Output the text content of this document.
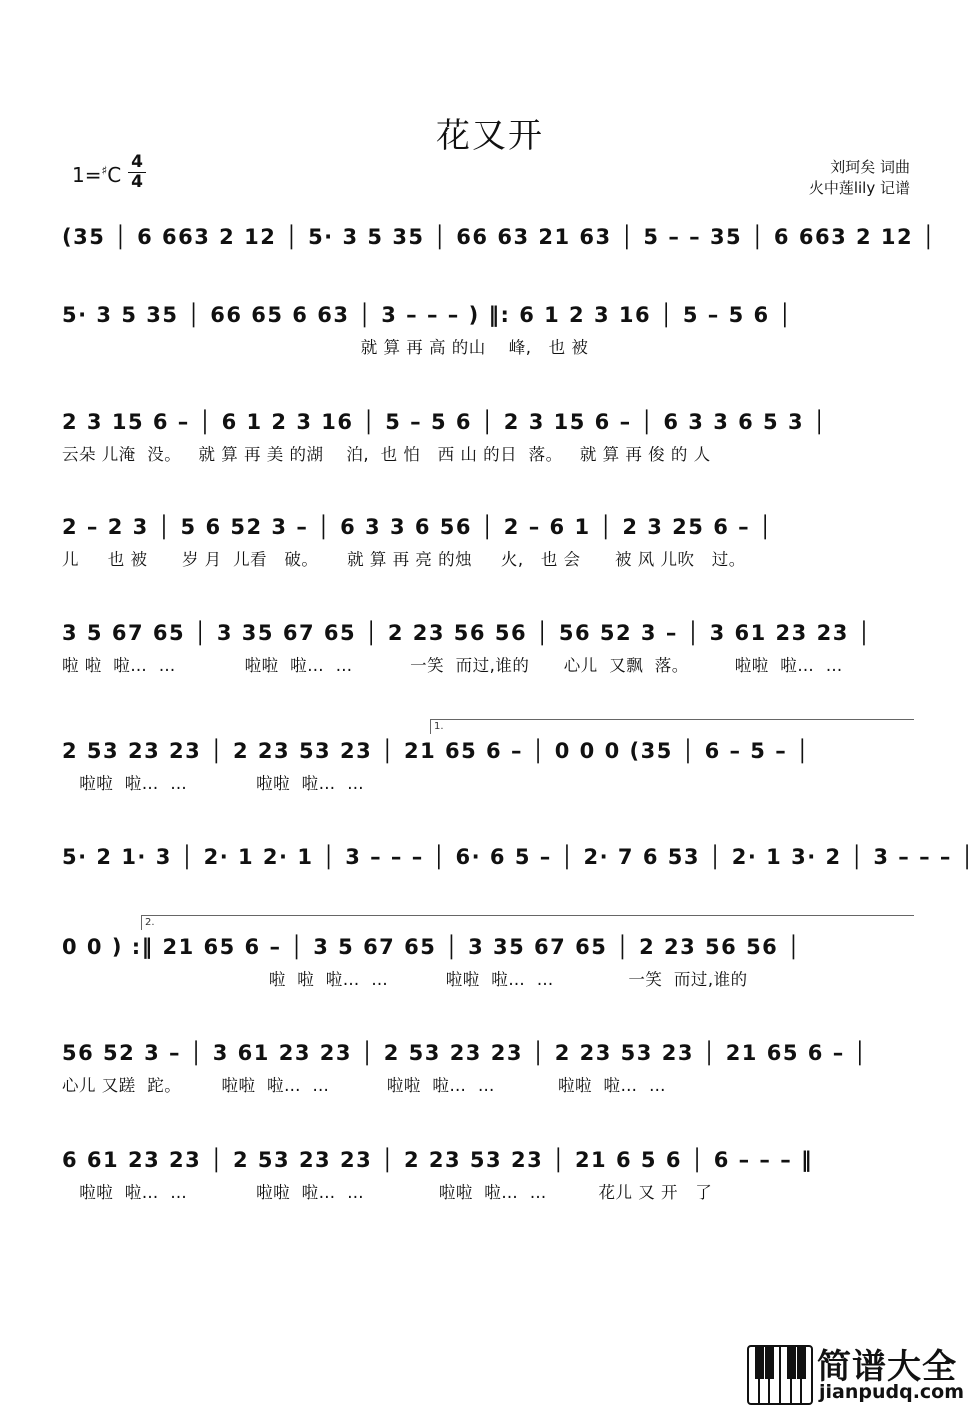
花又开
1=♯C
4
4
刘珂矣 词曲
火中莲lily 记谱
(35 │ 6 663 2 12 │ 5· 3 5 35 │ 66 63 21 63 │ 5 – – 35 │ 6 663 2 12 │
5· 3 5 35 │ 66 65 6 63 │ 3 – – – ) ‖: 6 1 2 3 16 │ 5 – 5 6 │
就 算 再 高 的山    峰,   也 被
2 3 15 6 – │ 6 1 2 3 16 │ 5 – 5 6 │ 2 3 15 6 – │ 6 3 3 6 5 3 │
云朵 儿淹  没。   就 算 再 美 的湖    泊,  也 怕   西 山 的日  落。   就 算 再 俊 的 人
2 – 2 3 │ 5 6 52 3 – │ 6 3 3 6 56 │ 2 – 6 1 │ 2 3 25 6 – │
儿     也 被      岁 月  儿看   破。     就 算 再 亮 的烛     火,   也 会      被 风 儿吹   过。
3 5 67 65 │ 3 35 67 65 │ 2 23 56 56 │ 56 52 3 – │ 3 61 23 23 │
啦 啦  啦…  …            啦啦  啦…  …          一笑  而过,谁的      心儿  又飘  落。        啦啦  啦…  …
1.
2 53 23 23 │ 2 23 53 23 │ 21 65 6 – │ 0 0 0 (35 │ 6 – 5 – │
啦啦  啦…  …            啦啦  啦…  …
5· 2 1· 3 │ 2· 1 2· 1 │ 3 – – – │ 6· 6 5 – │ 2· 7 6 53 │ 2· 1 3· 2 │ 3 – – – │
2.
0 0 ) :‖ 21 65 6 – │ 3 5 67 65 │ 3 35 67 65 │ 2 23 56 56 │
啦  啦  啦…  …          啦啦  啦…  …             一笑  而过,谁的
56 52 3 – │ 3 61 23 23 │ 2 53 23 23 │ 2 23 53 23 │ 21 65 6 – │
心儿 又蹉  跎。       啦啦  啦…  …          啦啦  啦…  …           啦啦  啦…  …
6 61 23 23 │ 2 53 23 23 │ 2 23 53 23 │ 21 6 5 6 │ 6 – – – ‖
啦啦  啦…  …            啦啦  啦…  …             啦啦  啦…  …         花儿 又 开   了
简谱大全
jianpudq.com
